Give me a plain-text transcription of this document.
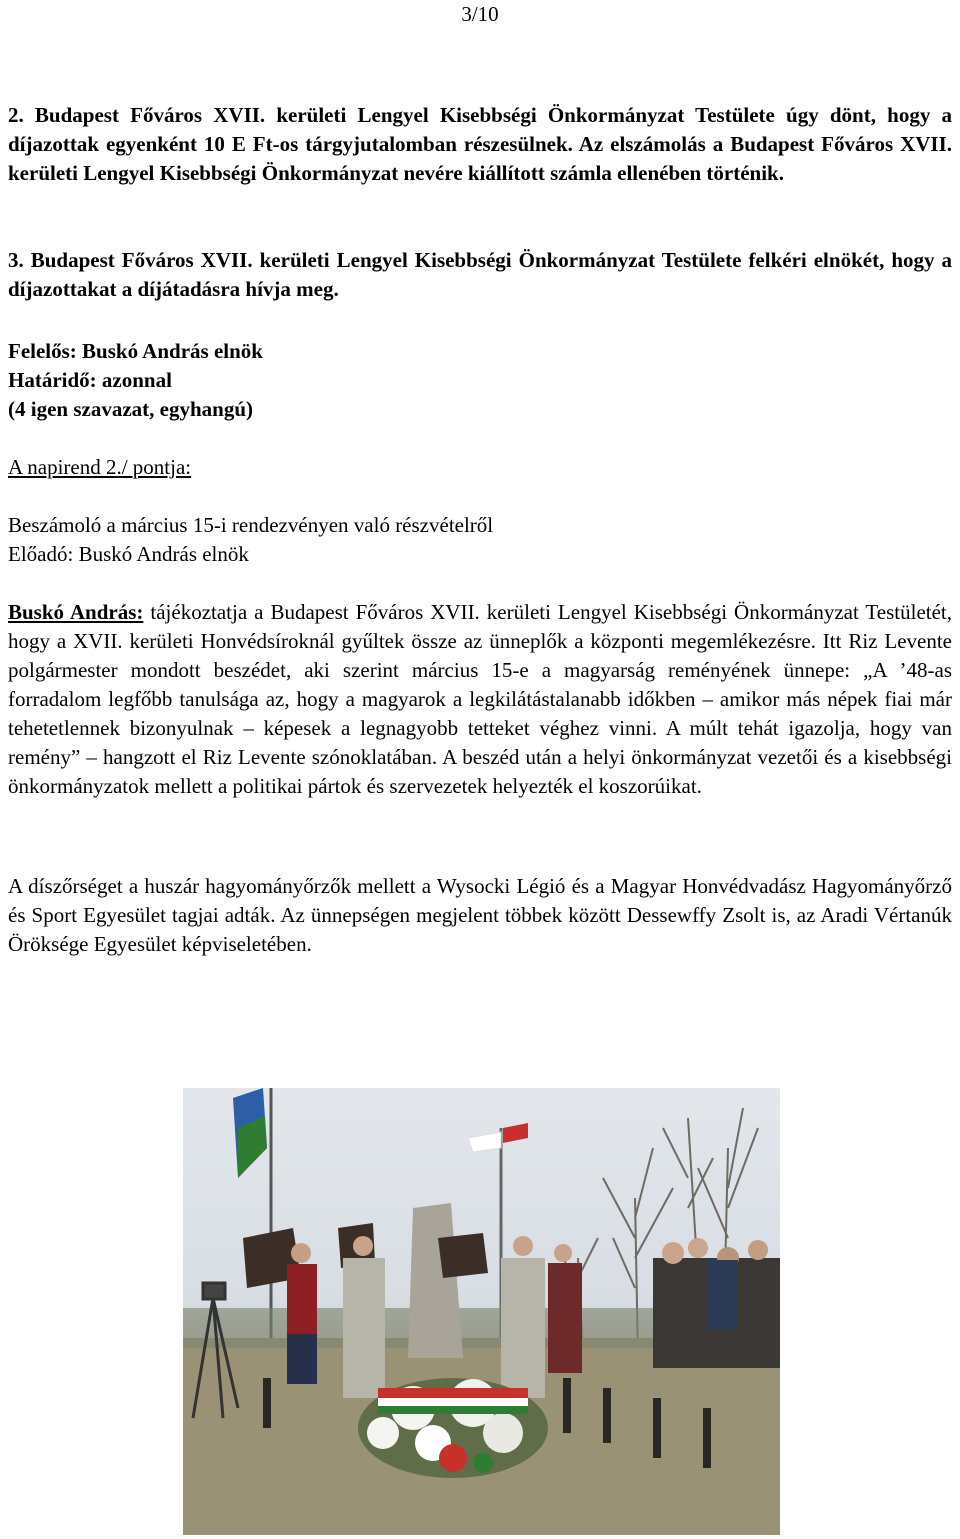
3/10

2. Budapest Főváros XVII. kerületi Lengyel Kisebbségi Önkormányzat Testülete úgy dönt, hogy a díjazottak egyenként 10 E Ft-os tárgyjutalomban részesülnek. Az elszámolás a Budapest Főváros XVII. kerületi Lengyel Kisebbségi Önkormányzat nevére kiállított számla ellenében történik.

3. Budapest Főváros XVII. kerületi Lengyel Kisebbségi Önkormányzat Testülete felkéri elnökét, hogy a díjazottakat a díjátadásra hívja meg.

Felelős: Buskó András elnök

Határidő: azonnal

(4 igen szavazat, egyhangú)

A napirend 2./ pontja:

Beszámoló a március 15-i rendezvényen való részvételről

Előadó: Buskó András elnök

Buskó András: tájékoztatja a Budapest Főváros XVII. kerületi Lengyel Kisebbségi Önkormányzat Testületét, hogy a XVII. kerületi Honvédsíroknál gyűltek össze az ünneplők a központi megemlékezésre. Itt Riz Levente polgármester mondott beszédet, aki szerint március 15-e a magyarság reményének ünnepe: „A ’48-as forradalom legfőbb tanulsága az, hogy a magyarok a legkilátástalanabb időkben – amikor más népek fiai már tehetetlennek bizonyulnak – képesek a legnagyobb tetteket véghez vinni. A múlt tehát igazolja, hogy van remény” – hangzott el Riz Levente szónoklatában. A beszéd után a helyi önkormányzat vezetői és a kisebbségi önkormányzatok mellett a politikai pártok és szervezetek helyezték el koszorúikat.

A díszőrséget a huszár hagyományőrzők mellett a Wysocki Légió és a Magyar Honvédvadász Hagyományőrző és Sport Egyesület tagjai adták. Az ünnepségen megjelent többek között Dessewffy Zsolt is, az Aradi Vértanúk Öröksége Egyesület képviseletében.
